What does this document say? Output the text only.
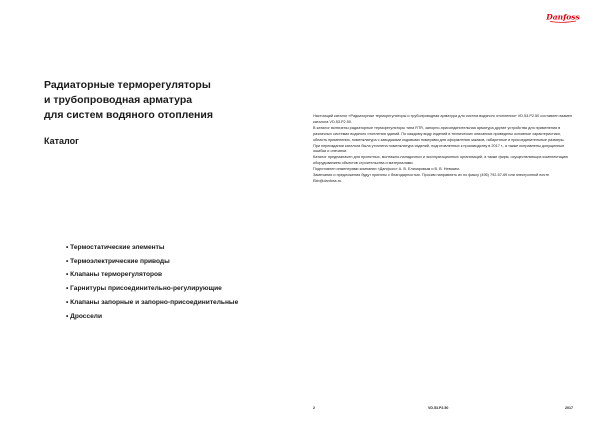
Радиаторные терморегуляторы
и трубопроводная арматура
для систем водяного отопления

Каталог

• Термостатические элементы
• Термоэлектрические приводы
• Клапаны терморегуляторов
• Гарнитуры присоединительно-регулирующие
• Клапаны запорные и запорно-присоединительные
• Дроссели
Danfoss

Настоящий каталог «Радиаторные терморегуляторы и трубопроводная арматура для систем водяного отопления» VD.53.P2.50 составлен взамен каталога VD.53.P2.50.

В каталог включены радиаторные терморегуляторы типа RTR, запорно-присоединительная арматура другие устройства для применения в различных системах водяного отопления зданий. По каждому виду изделий в технических описаниях приведены основные характеристики, область применения, номенклатура с заводскими кодовыми номерами для оформления заказов, габаритные и присоединительные размеры.

При переиздании каталога была уточнена номенклатура изделий, подготовленных к производству в 2017 г., а также исправлены допущенные ошибки и опечатки.

Каталог предназначен для проектных, монтажно-наладочных и эксплуатационных организаций, а также фирм, осуществляющих комплектацию оборудованием объектов строительства и материалами.

Подготовлен инженерами компании «Данфосс» А. В. Елизаровым и В. В. Невским.

Замечания и предложения будут приняты с благодарностью. Просим направлять их по факсу (495) 792-57-69 или электронной почте Ekb@danfoss.ru.

2	VD.53.P2.50	2017
